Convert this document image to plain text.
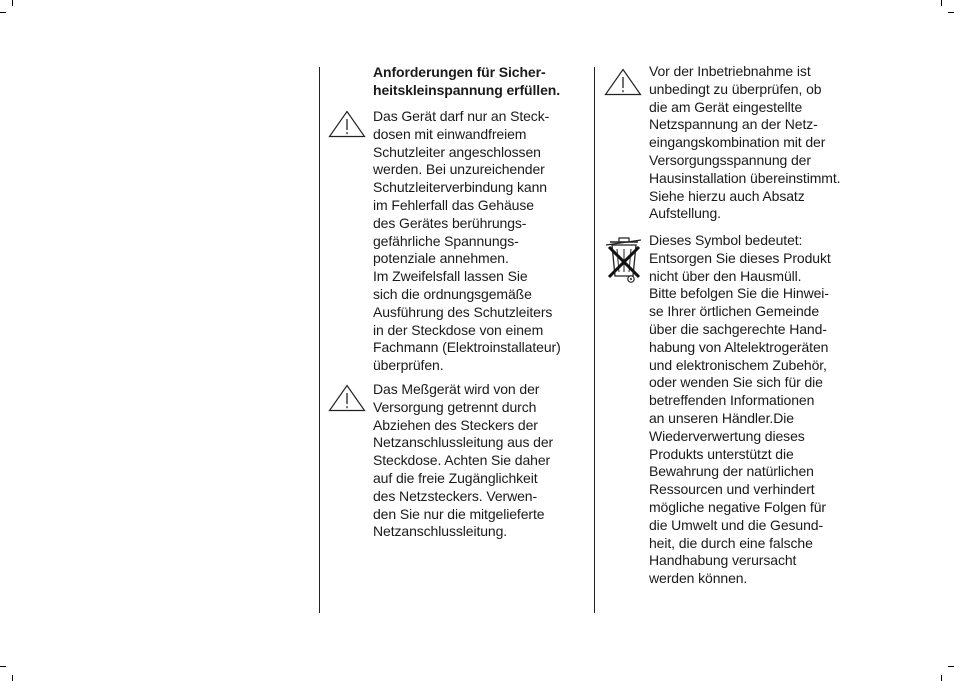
Anforderungen für Sicher-
heitskleinspannung erfüllen.
Das Gerät darf nur an Steck-
dosen mit einwandfreiem
Schutzleiter angeschlossen
werden. Bei unzureichender
Schutzleiterverbindung kann
im Fehlerfall das Gehäuse
des Gerätes berührungs-
gefährliche Spannungs-
potenziale annehmen.
Im Zweifelsfall lassen Sie
sich die ordnungsgemäße
Ausführung des Schutzleiters
in der Steckdose von einem
Fachmann (Elektroinstallateur)
überprüfen.
Das Meßgerät wird von der
Versorgung getrennt durch
Abziehen des Steckers der
Netzanschlussleitung aus der
Steckdose. Achten Sie daher
auf die freie Zugänglichkeit
des Netzsteckers. Verwen-
den Sie nur die mitgelieferte
Netzanschlussleitung.
Vor der Inbetriebnahme ist
unbedingt zu überprüfen, ob
die am Gerät eingestellte
Netzspannung an der Netz-
eingangskombination mit der
Versorgungsspannung der
Hausinstallation übereinstimmt.
Siehe hierzu auch Absatz
Aufstellung.
Dieses Symbol bedeutet:
Entsorgen Sie dieses Produkt
nicht über den Hausmüll.
Bitte befolgen Sie die Hinwei-
se Ihrer örtlichen Gemeinde
über die sachgerechte Hand-
habung von Altelektrogeräten
und elektronischem Zubehör,
oder wenden Sie sich für die
betreffenden Informationen
an unseren Händler.Die
Wiederverwertung dieses
Produkts unterstützt die
Bewahrung der natürlichen
Ressourcen und verhindert
mögliche negative Folgen für
die Umwelt und die Gesund-
heit, die durch eine falsche
Handhabung verursacht
werden können.
